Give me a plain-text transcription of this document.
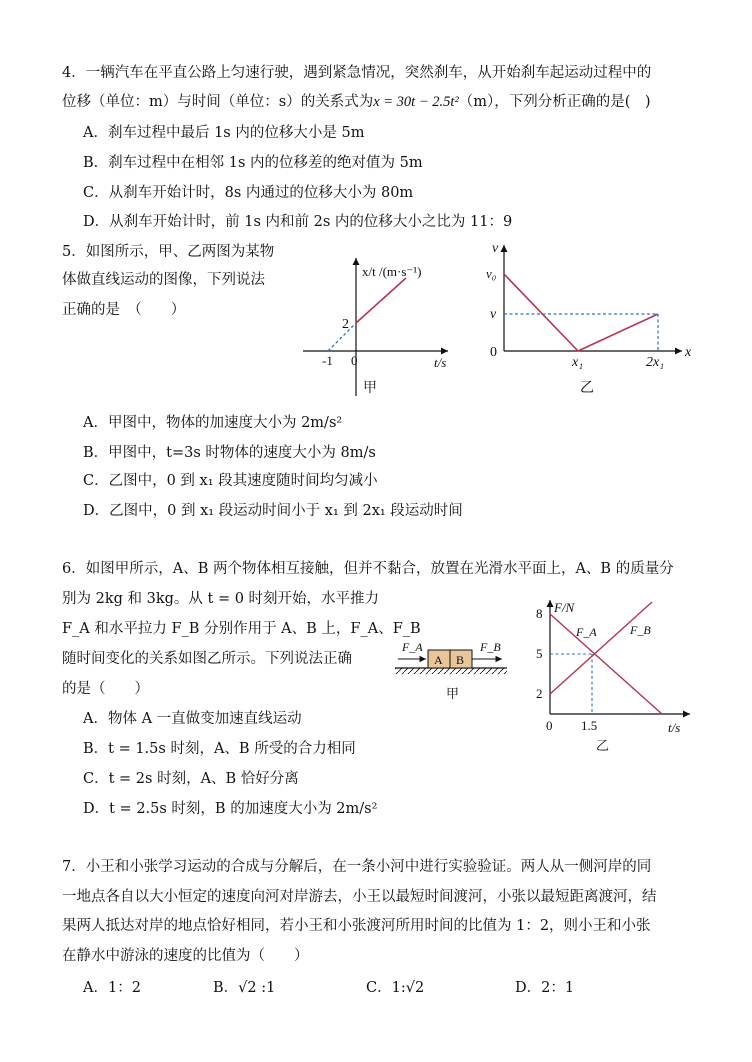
4．一辆汽车在平直公路上匀速行驶，遇到紧急情况，突然刹车，从开始刹车起运动过程中的
位移（单位：m）与时间（单位：s）的关系式为x = 30t − 2.5t²（m），下列分析正确的是(　)
A．刹车过程中最后 1s 内的位移大小是 5m
B．刹车过程中在相邻 1s 内的位移差的绝对值为 5m
C．从刹车开始计时，8s 内通过的位移大小为 80m
D．从刹车开始计时，前 1s 内和前 2s 内的位移大小之比为 11：9
5．如图所示，甲、乙两图为某物
体做直线运动的图像，下列说法
正确的是　（　　）
2
-1 0	t/s
x/t /(m·s⁻¹)
甲
v
x
v₀
v
0
x₁	2x₁
乙
A．甲图中，物体的加速度大小为 2m/s²
B．甲图中，t=3s 时物体的速度大小为 8m/s
C．乙图中，0 到 x₁ 段其速度随时间均匀减小
D．乙图中，0 到 x₁ 段运动时间小于 x₁ 到 2x₁ 段运动时间
6．如图甲所示，A、B 两个物体相互接触，但并不黏合，放置在光滑水平面上，A、B 的质量分
别为 2kg 和 3kg。从 t = 0 时刻开始，水平推力
F_A 和水平拉力 F_B 分别作用于 A、B 上，F_A、F_B
随时间变化的关系如图乙所示。下列说法正确
的是（　　）
A B
F_A	F_B
甲
F/N
8
5
2
0 1.5	t/s
F_A	F_B
乙
A．物体 A 一直做变加速直线运动
B．t = 1.5s 时刻，A、B 所受的合力相同
C．t = 2s 时刻，A、B 恰好分离
D．t = 2.5s 时刻，B 的加速度大小为 2m/s²
7．小王和小张学习运动的合成与分解后，在一条小河中进行实验验证。两人从一侧河岸的同
一地点各自以大小恒定的速度向河对岸游去，小王以最短时间渡河，小张以最短距离渡河，结
果两人抵达对岸的地点恰好相同，若小王和小张渡河所用时间的比值为 1：2，则小王和小张
在静水中游泳的速度的比值为（　　）
A．1：2	B．√2 :1	C．1:√2	D．2：1
